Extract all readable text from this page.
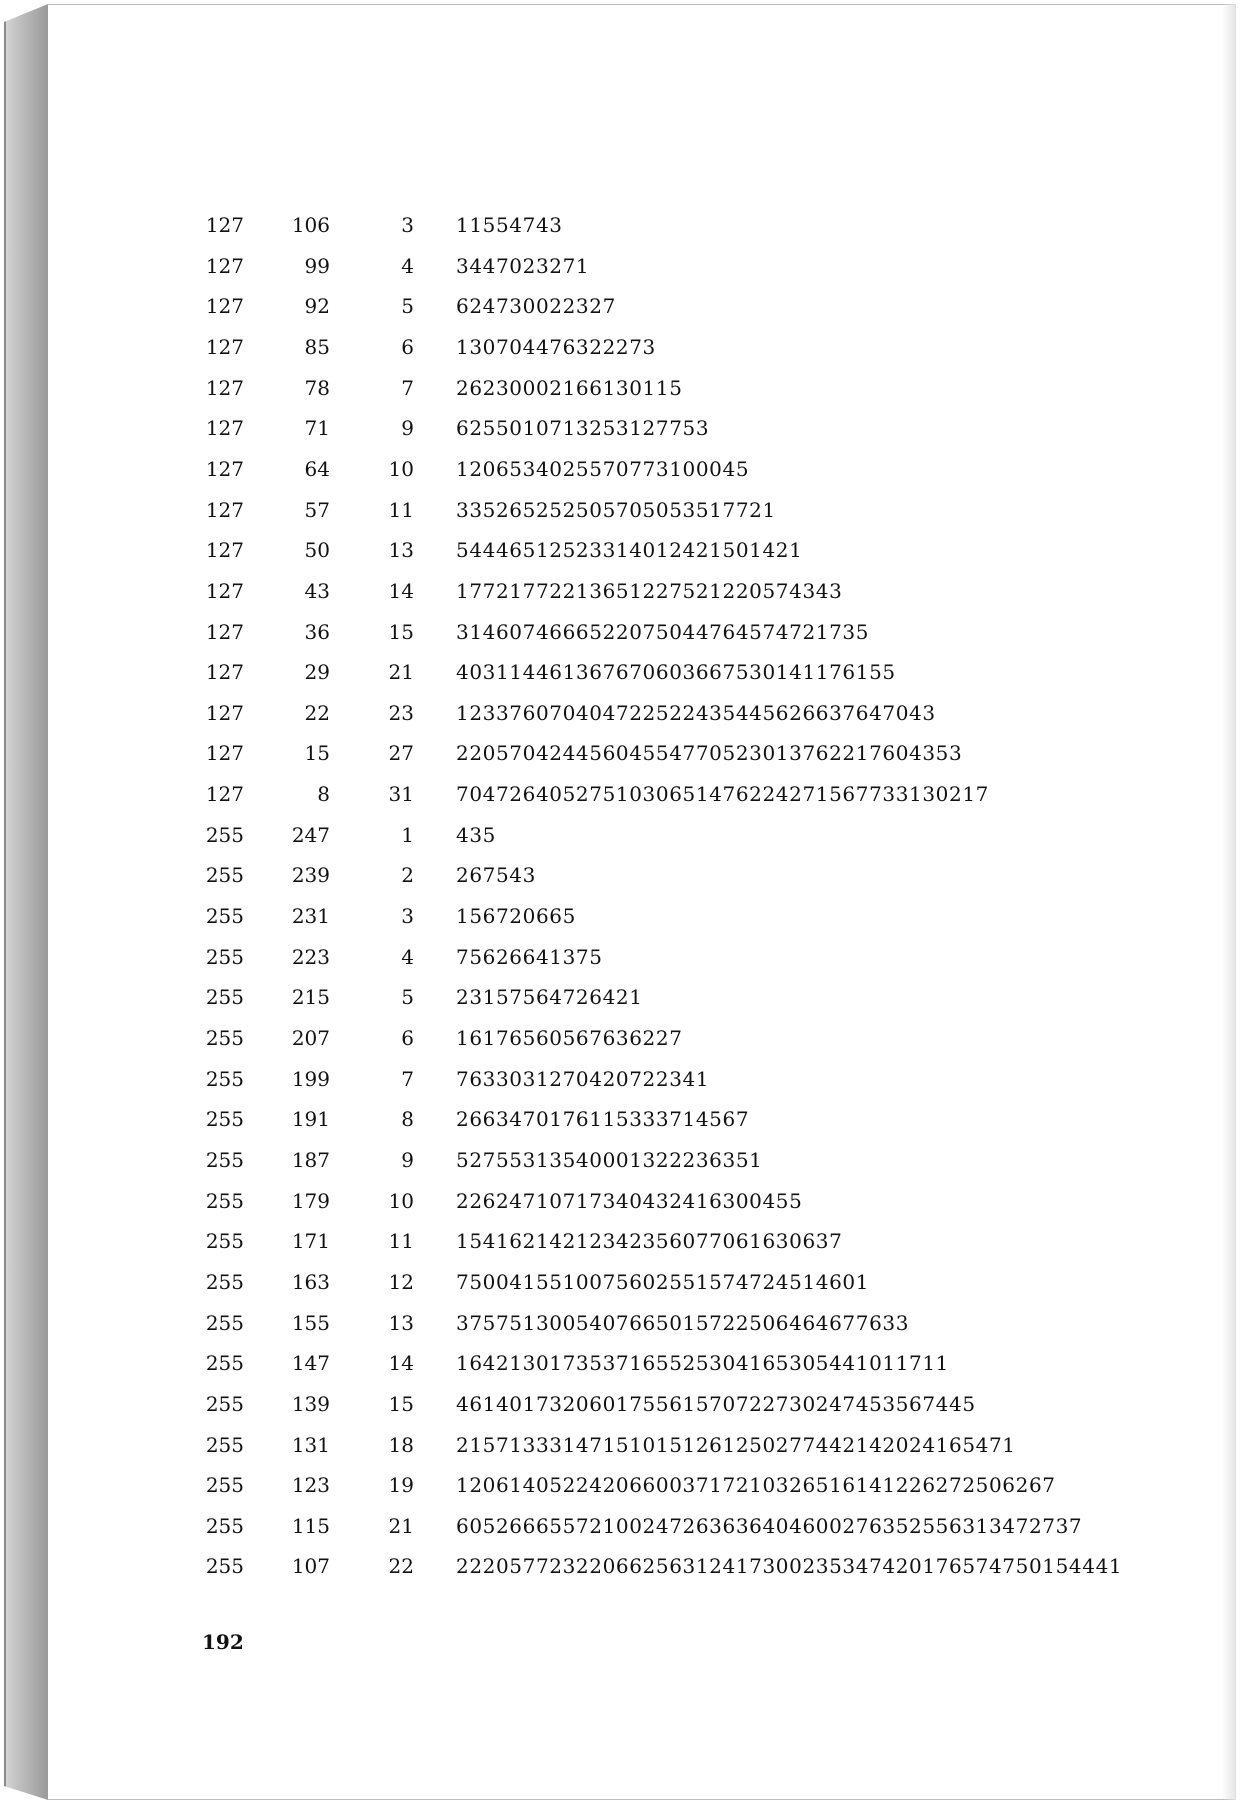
127	106	3 11554743
127	99	4 3447023271
127	92	5 624730022327
127	85	6 130704476322273
127	78	7 26230002166130115
127	71	9 6255010713253127753
127	64	10 1206534025570773100045
127	57	11 335265252505705053517721
127	50	13 54446512523314012421501421
127	43	14 17721772213651227521220574343
127	36	15 3146074666522075044764574721735
127	29	21 403114461367670603667530141176155
127	22	23 123376070404722522435445626637647043
127	15	27 22057042445604554770523013762217604353
127	8	31 7047264052751030651476224271567733130217
255	247	1 435
255	239	2 267543
255	231	3 156720665
255	223	4 75626641375
255	215	5 23157564726421
255	207	6 16176560567636227
255	199	7 7633031270420722341
255	191	8 2663470176115333714567
255	187	9 52755313540001322236351
255	179	10 22624710717340432416300455
255	171	11 15416214212342356077061630637
255	163	12 7500415510075602551574724514601
255	155	13 3757513005407665015722506464677633
255	147	14 1642130173537165525304165305441011711
255	139	15 461401732060175561570722730247453567445
255	131	18 215713331471510151261250277442142024165471
255	123	19 120614052242066003717210326516141226272506267
255	115	21 60526665572100247263636404600276352556313472737
255	107	22 22205772322066256312417300235347420176574750154441
192
